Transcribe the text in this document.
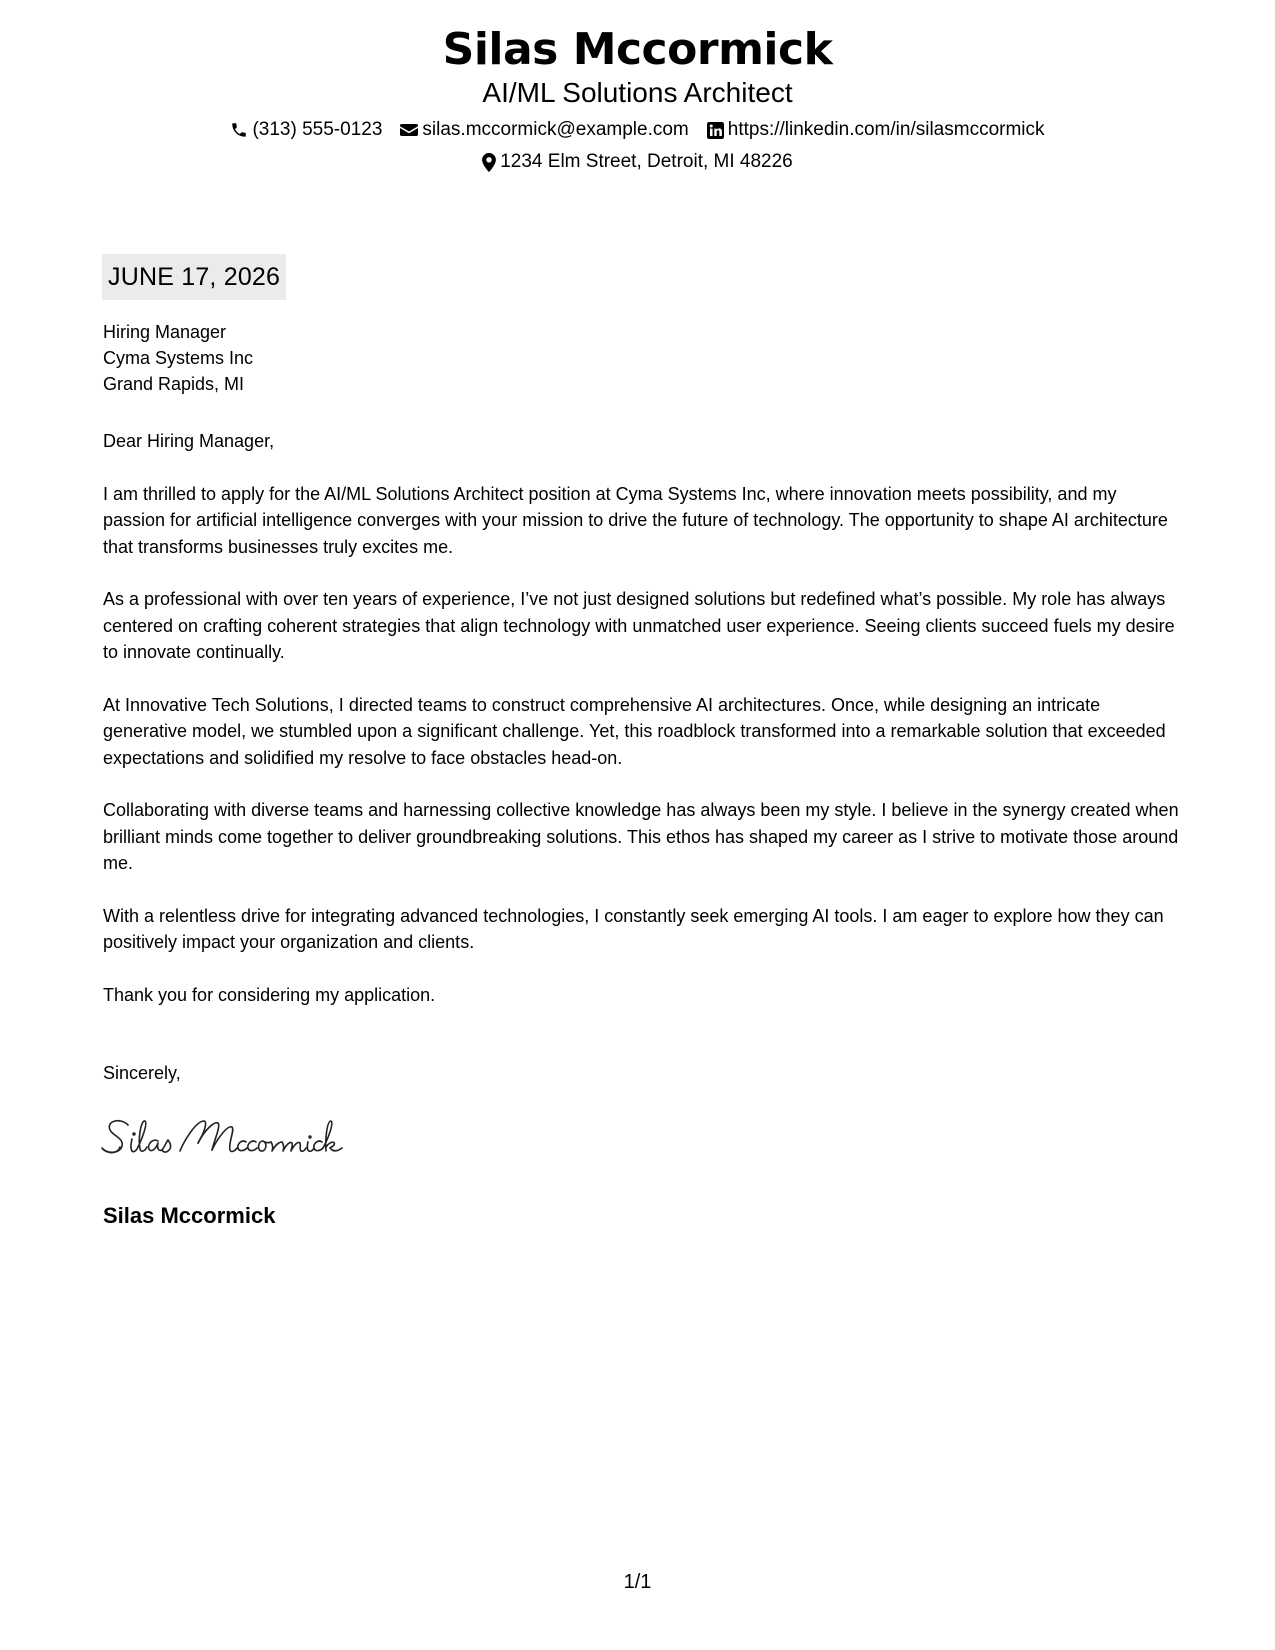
Silas Mccormick
AI/ML Solutions Architect
(313) 555-0123 silas.mccormick@example.com https://linkedin.com/in/silasmccormick
1234 Elm Street, Detroit, MI 48226
JUNE 17, 2026
Hiring Manager
Cyma Systems Inc
Grand Rapids, MI

Dear Hiring Manager,

I am thrilled to apply for the AI/ML Solutions Architect position at Cyma Systems Inc, where innovation meets possibility, and my passion for artificial intelligence converges with your mission to drive the future of technology. The opportunity to shape AI architecture that transforms businesses truly excites me.

As a professional with over ten years of experience, I’ve not just designed solutions but redefined what’s possible. My role has always centered on crafting coherent strategies that align technology with unmatched user experience. Seeing clients succeed fuels my desire to innovate continually.

At Innovative Tech Solutions, I directed teams to construct comprehensive AI architectures. Once, while designing an intricate generative model, we stumbled upon a significant challenge. Yet, this roadblock transformed into a remarkable solution that exceeded expectations and solidified my resolve to face obstacles head-on.

Collaborating with diverse teams and harnessing collective knowledge has always been my style. I believe in the synergy created when brilliant minds come together to deliver groundbreaking solutions. This ethos has shaped my career as I strive to motivate those around me.

With a relentless drive for integrating advanced technologies, I constantly seek emerging AI tools. I am eager to explore how they can positively impact your organization and clients.

Thank you for considering my application.

Sincerely,
Silas Mccormick
1/1
